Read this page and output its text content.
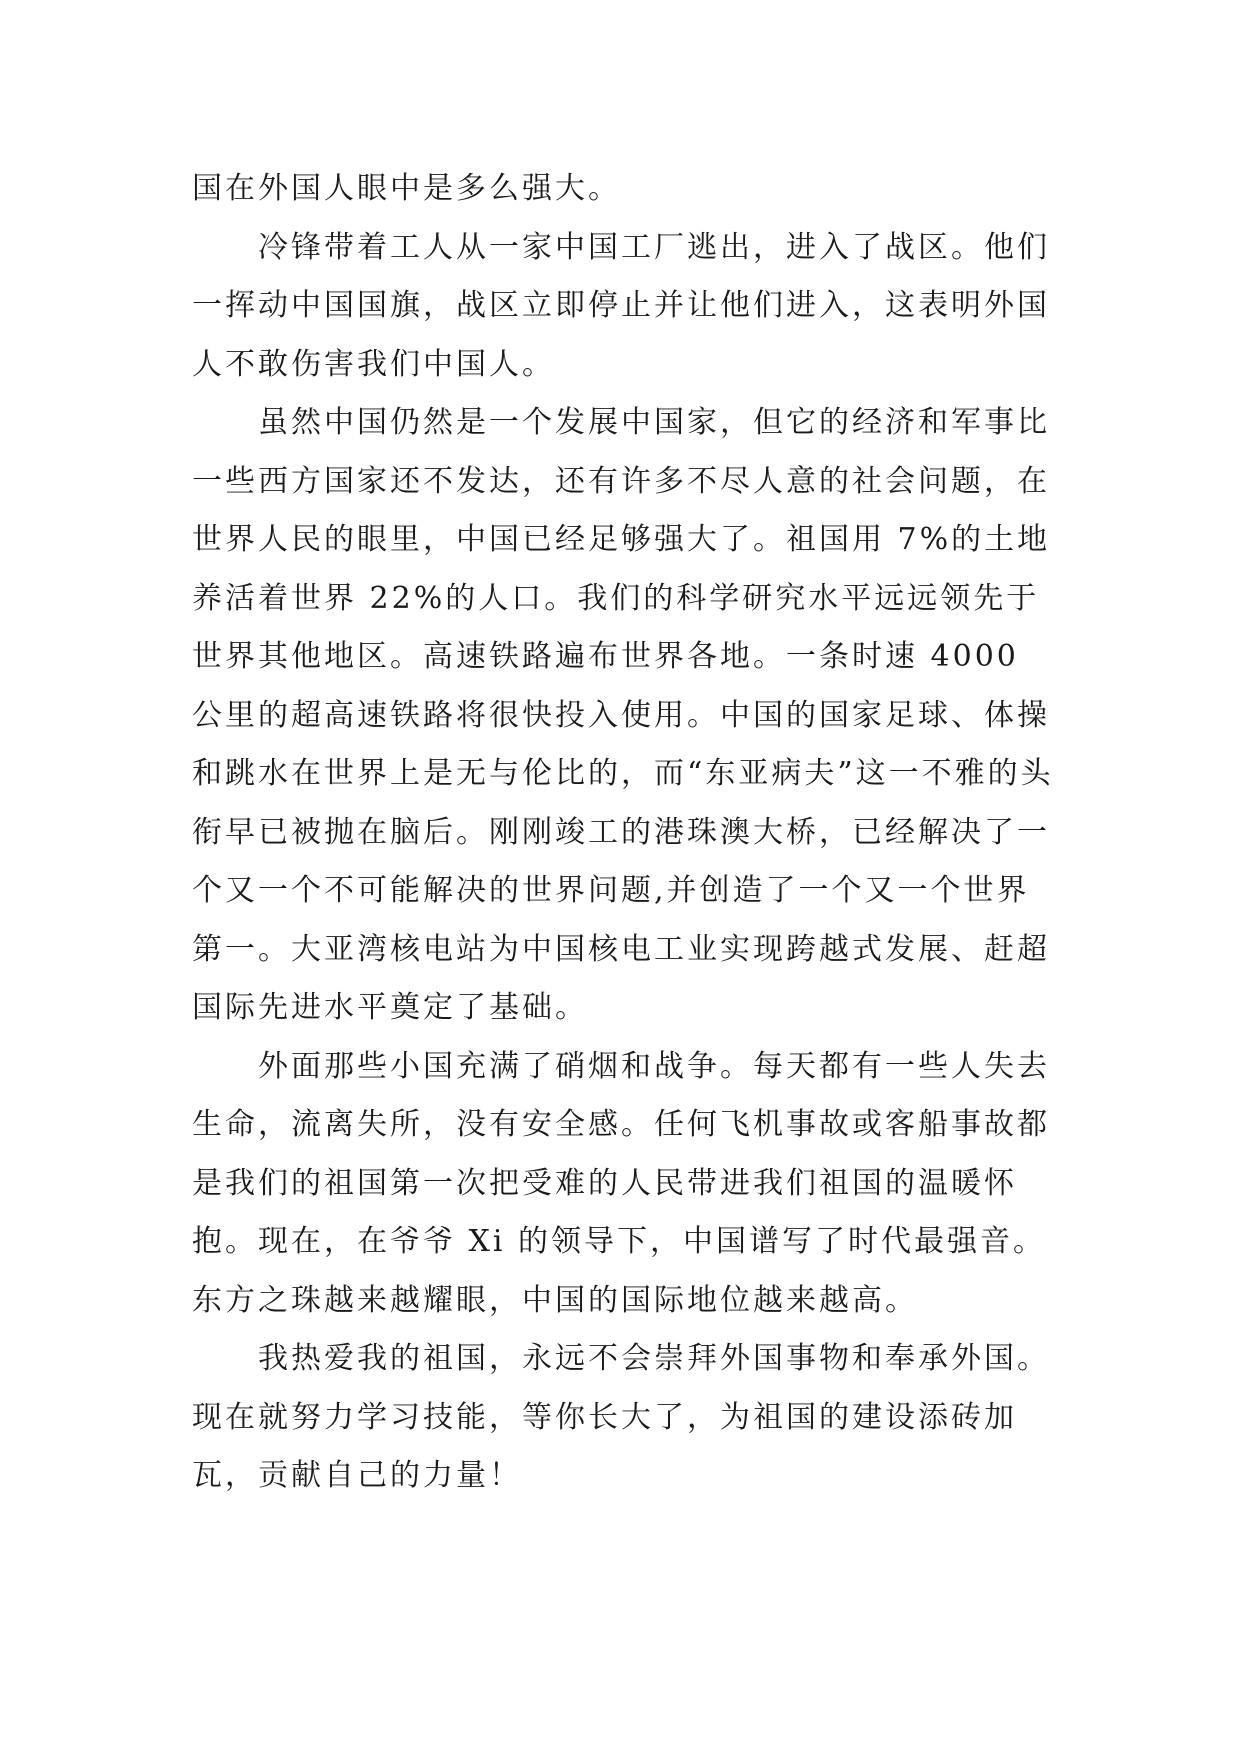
国在外国人眼中是多么强大。

冷锋带着工人从一家中国工厂逃出，进入了战区。他们一挥动中国国旗，战区立即停止并让他们进入，这表明外国人不敢伤害我们中国人。

虽然中国仍然是一个发展中国家，但它的经济和军事比一些西方国家还不发达，还有许多不尽人意的社会问题，在世界人民的眼里，中国已经足够强大了。祖国用 7%的土地养活着世界 22%的人口。我们的科学研究水平远远领先于世界其他地区。高速铁路遍布世界各地。一条时速 4000 公里的超高速铁路将很快投入使用。中国的国家足球、体操和跳水在世界上是无与伦比的，而“东亚病夫”这一不雅的头衔早已被抛在脑后。刚刚竣工的港珠澳大桥，已经解决了一个又一个不可能解决的世界问题,并创造了一个又一个世界第一。大亚湾核电站为中国核电工业实现跨越式发展、赶超国际先进水平奠定了基础。

外面那些小国充满了硝烟和战争。每天都有一些人失去生命，流离失所，没有安全感。任何飞机事故或客船事故都是我们的祖国第一次把受难的人民带进我们祖国的温暖怀抱。现在，在爷爷 Xi 的领导下，中国谱写了时代最强音。东方之珠越来越耀眼，中国的国际地位越来越高。

我热爱我的祖国，永远不会崇拜外国事物和奉承外国。现在就努力学习技能，等你长大了，为祖国的建设添砖加瓦，贡献自己的力量！
